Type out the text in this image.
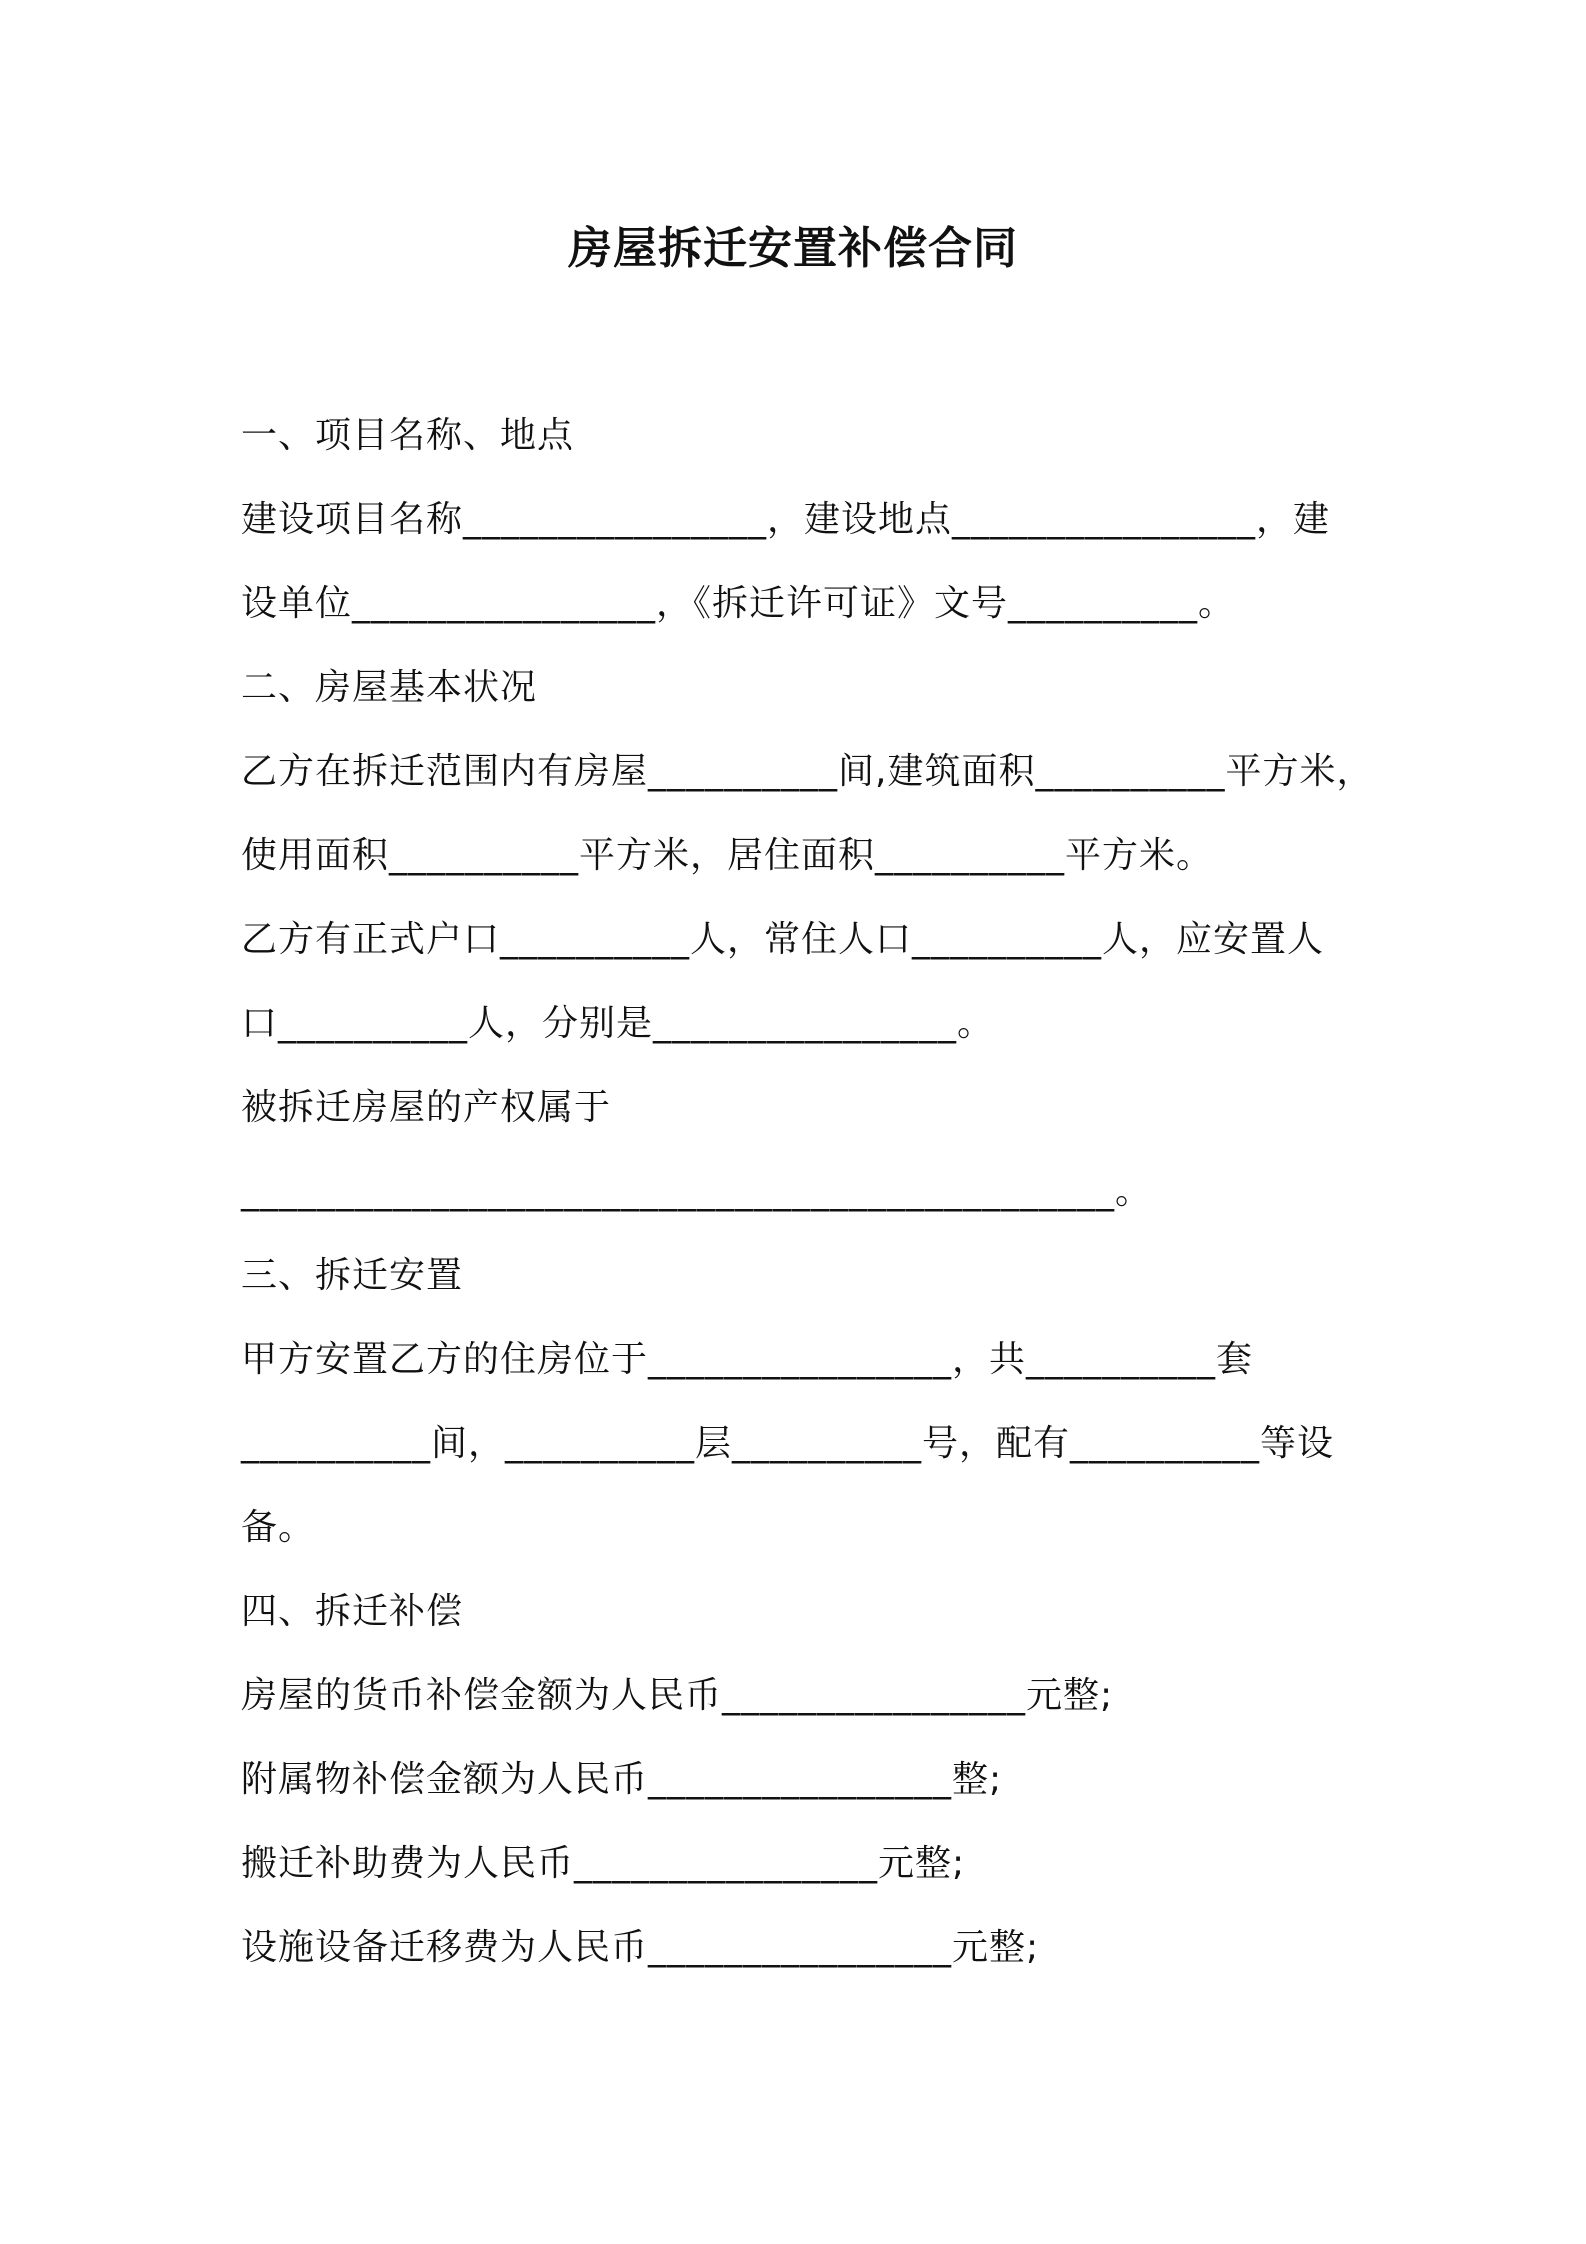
房屋拆迁安置补偿合同
一、项目名称、地点
建设项目名称________________，建设地点________________，建
设单位________________，《拆迁许可证》文号__________。
二、房屋基本状况
乙方在拆迁范围内有房屋__________间,建筑面积__________平方米，
使用面积__________平方米，居住面积__________平方米。
乙方有正式户口__________人，常住人口__________人，应安置人
口__________人，分别是________________。
被拆迁房屋的产权属于
______________________________________________。
三、拆迁安置
甲方安置乙方的住房位于________________，共__________套
__________间，__________层__________号，配有__________等设
备。
四、拆迁补偿
房屋的货币补偿金额为人民币________________元整;
附属物补偿金额为人民币________________整;
搬迁补助费为人民币________________元整;
设施设备迁移费为人民币________________元整;
